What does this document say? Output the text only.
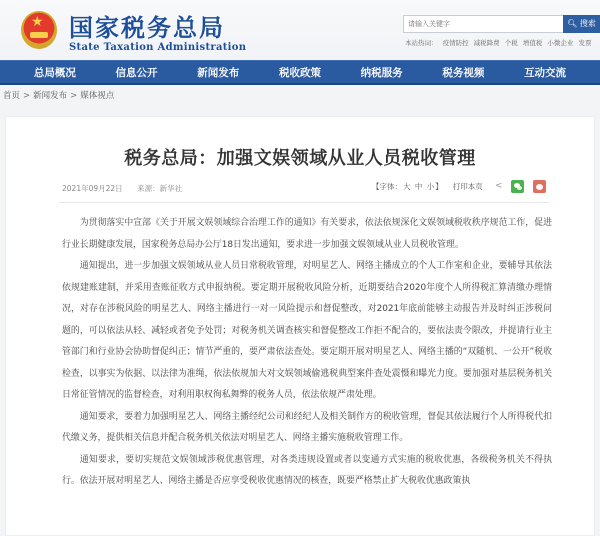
★
国家税务总局
State Taxation Administration
请输入关键字
🔍︎ 搜索
本站热词： 疫情防控 减税降费 个税 增值税 小微企业 发票
总局概况	信息公开	新闻发布	税收政策	纳税服务	税务视频	互动交流
首页 > 新闻发布 > 媒体视点
税务总局：加强文娱领域从业人员税收管理
2021年09月22日 来源：新华社	【字体：大 中 小】 打印本页 <

为贯彻落实中宣部《关于开展文娱领域综合治理工作的通知》有关要求，依法依规深化文娱领域税收秩序规范工作，促进行业长期健康发展，国家税务总局办公厅18日发出通知，要求进一步加强文娱领域从业人员税收管理。

通知提出，进一步加强文娱领域从业人员日常税收管理，对明星艺人、网络主播成立的个人工作室和企业，要辅导其依法依规建账建制，并采用查账征收方式申报纳税。要定期开展税收风险分析，近期要结合2020年度个人所得税汇算清缴办理情况，对存在涉税风险的明星艺人、网络主播进行一对一风险提示和督促整改，对2021年底前能够主动报告并及时纠正涉税问题的，可以依法从轻、减轻或者免予处罚；对税务机关调查核实和督促整改工作拒不配合的，要依法责令限改，并提请行业主管部门和行业协会协助督促纠正；情节严重的，要严肃依法查处。要定期开展对明星艺人、网络主播的“双随机、一公开”税收检查，以事实为依据、以法律为准绳，依法依规加大对文娱领域偷逃税典型案件查处震慑和曝光力度。要加强对基层税务机关日常征管情况的监督检查，对利用职权徇私舞弊的税务人员，依法依规严肃处理。

通知要求，要着力加强明星艺人、网络主播经纪公司和经纪人及相关制作方的税收管理，督促其依法履行个人所得税代扣代缴义务，提供相关信息并配合税务机关依法对明星艺人、网络主播实施税收管理工作。

通知要求，要切实规范文娱领域涉税优惠管理，对各类违规设置或者以变通方式实施的税收优惠，各级税务机关不得执行。依法开展对明星艺人、网络主播是否应享受税收优惠情况的核查，既要严格禁止扩大税收优惠政策执
